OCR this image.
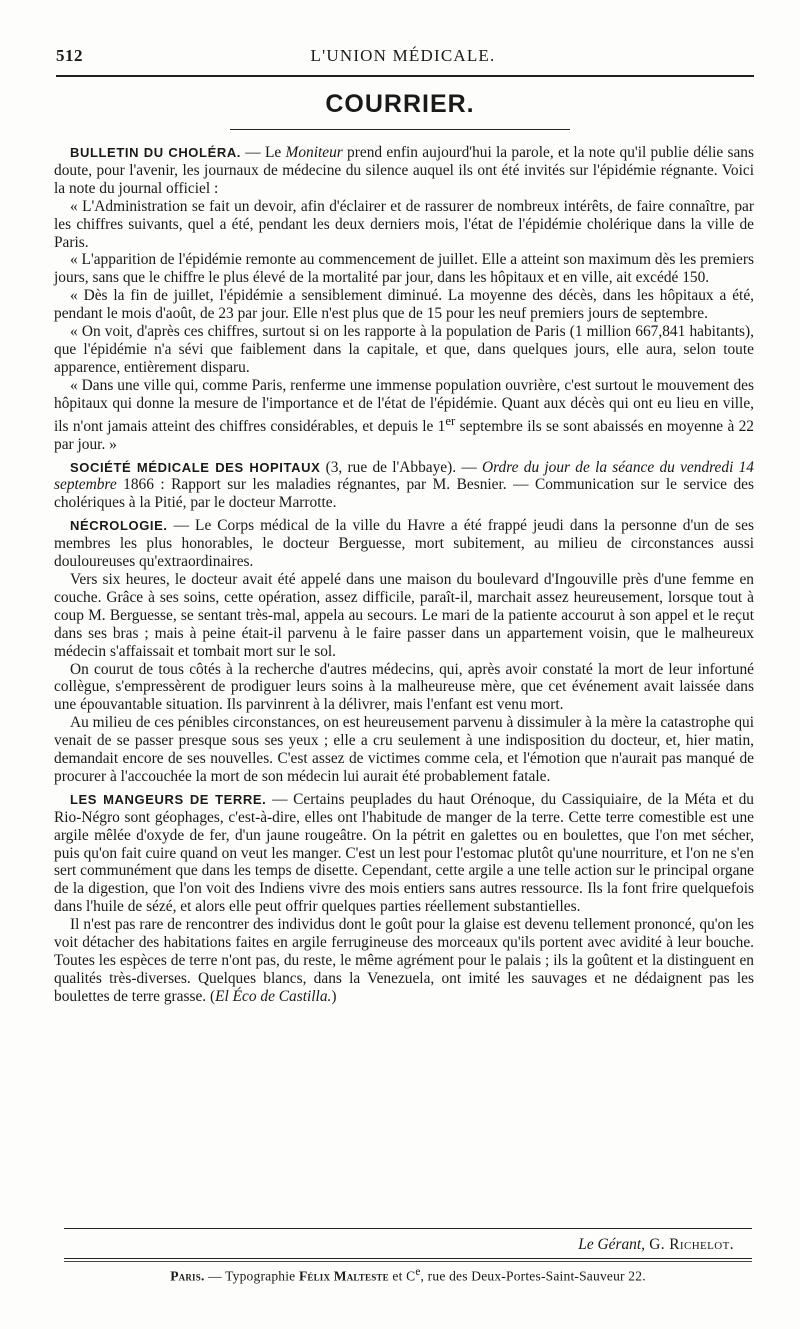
512	L'UNION MÉDICALE.
COURRIER.

BULLETIN DU CHOLÉRA. — Le Moniteur prend enfin aujourd'hui la parole, et la note qu'il publie délie sans doute, pour l'avenir, les journaux de médecine du silence auquel ils ont été invités sur l'épidémie régnante. Voici la note du journal officiel :

« L'Administration se fait un devoir, afin d'éclairer et de rassurer de nombreux intérêts, de faire connaître, par les chiffres suivants, quel a été, pendant les deux derniers mois, l'état de l'épidémie cholérique dans la ville de Paris.

« L'apparition de l'épidémie remonte au commencement de juillet. Elle a atteint son maximum dès les premiers jours, sans que le chiffre le plus élevé de la mortalité par jour, dans les hôpitaux et en ville, ait excédé 150.

« Dès la fin de juillet, l'épidémie a sensiblement diminué. La moyenne des décès, dans les hôpitaux a été, pendant le mois d'août, de 23 par jour. Elle n'est plus que de 15 pour les neuf premiers jours de septembre.

« On voit, d'après ces chiffres, surtout si on les rapporte à la population de Paris (1 million 667,841 habitants), que l'épidémie n'a sévi que faiblement dans la capitale, et que, dans quelques jours, elle aura, selon toute apparence, entièrement disparu.

« Dans une ville qui, comme Paris, renferme une immense population ouvrière, c'est surtout le mouvement des hôpitaux qui donne la mesure de l'importance et de l'état de l'épidémie. Quant aux décès qui ont eu lieu en ville, ils n'ont jamais atteint des chiffres considérables, et depuis le 1er septembre ils se sont abaissés en moyenne à 22 par jour. »

SOCIÉTÉ MÉDICALE DES HOPITAUX (3, rue de l'Abbaye). — Ordre du jour de la séance du vendredi 14 septembre 1866 : Rapport sur les maladies régnantes, par M. Besnier. — Communication sur le service des cholériques à la Pitié, par le docteur Marrotte.

NÉCROLOGIE. — Le Corps médical de la ville du Havre a été frappé jeudi dans la personne d'un de ses membres les plus honorables, le docteur Berguesse, mort subitement, au milieu de circonstances aussi douloureuses qu'extraordinaires.

Vers six heures, le docteur avait été appelé dans une maison du boulevard d'Ingouville près d'une femme en couche. Grâce à ses soins, cette opération, assez difficile, paraît-il, marchait assez heureusement, lorsque tout à coup M. Berguesse, se sentant très-mal, appela au secours. Le mari de la patiente accourut à son appel et le reçut dans ses bras ; mais à peine était-il parvenu à le faire passer dans un appartement voisin, que le malheureux médecin s'affaissait et tombait mort sur le sol.

On courut de tous côtés à la recherche d'autres médecins, qui, après avoir constaté la mort de leur infortuné collègue, s'empressèrent de prodiguer leurs soins à la malheureuse mère, que cet événement avait laissée dans une épouvantable situation. Ils parvinrent à la délivrer, mais l'enfant est venu mort.

Au milieu de ces pénibles circonstances, on est heureusement parvenu à dissimuler à la mère la catastrophe qui venait de se passer presque sous ses yeux ; elle a cru seulement à une indisposition du docteur, et, hier matin, demandait encore de ses nouvelles. C'est assez de victimes comme cela, et l'émotion que n'aurait pas manqué de procurer à l'accouchée la mort de son médecin lui aurait été probablement fatale.

LES MANGEURS DE TERRE. — Certains peuplades du haut Orénoque, du Cassiquiaire, de la Méta et du Rio-Négro sont géophages, c'est-à-dire, elles ont l'habitude de manger de la terre. Cette terre comestible est une argile mêlée d'oxyde de fer, d'un jaune rougeâtre. On la pétrit en galettes ou en boulettes, que l'on met sécher, puis qu'on fait cuire quand on veut les manger. C'est un lest pour l'estomac plutôt qu'une nourriture, et l'on ne s'en sert communément que dans les temps de disette. Cependant, cette argile a une telle action sur le principal organe de la digestion, que l'on voit des Indiens vivre des mois entiers sans autres ressource. Ils la font frire quelquefois dans l'huile de sézé, et alors elle peut offrir quelques parties réellement substantielles.

Il n'est pas rare de rencontrer des individus dont le goût pour la glaise est devenu tellement prononcé, qu'on les voit détacher des habitations faites en argile ferrugineuse des morceaux qu'ils portent avec avidité à leur bouche. Toutes les espèces de terre n'ont pas, du reste, le même agrément pour le palais ; ils la goûtent et la distinguent en qualités très-diverses. Quelques blancs, dans la Venezuela, ont imité les sauvages et ne dédaignent pas les boulettes de terre grasse. (El Éco de Castilla.)

Le Gérant, G. Richelot.
Paris. — Typographie Félix Malteste et Ce, rue des Deux-Portes-Saint-Sauveur 22.
